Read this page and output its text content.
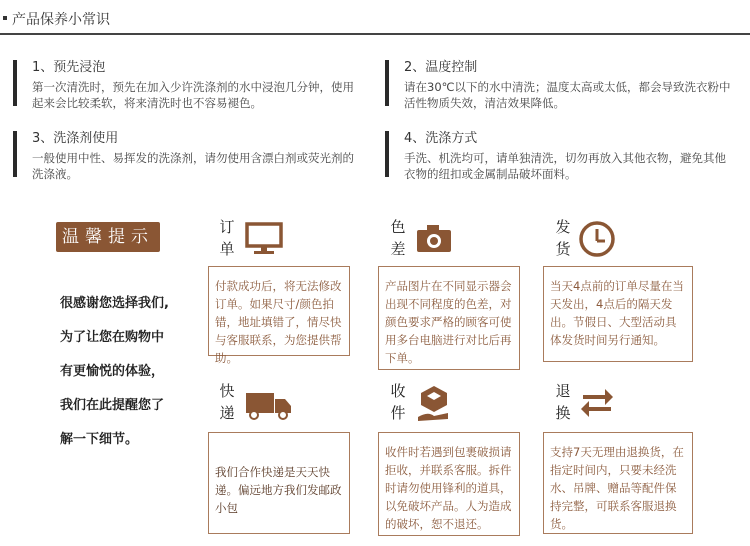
产品保养小常识
1、预先浸泡
第一次清洗时，预先在加入少许洗涤剂的水中浸泡几分钟，使用起来会比较柔软，将来清洗时也不容易褪色。
2、温度控制
请在30℃以下的水中清洗；温度太高或太低，都会导致洗衣粉中活性物质失效，清洁效果降低。
3、洗涤剂使用
一般使用中性、易挥发的洗涤剂，请勿使用含漂白剂或荧光剂的洗涤液。
4、洗涤方式
手洗、机洗均可，请单独清洗，切勿再放入其他衣物，避免其他衣物的纽扣或金属制品破坏面料。
温馨提示
很感谢您选择我们,
为了让您在购物中
有更愉悦的体验，
我们在此提醒您了
解一下细节。
订单
付款成功后，将无法修改订单。如果尺寸/颜色拍错，地址填错了，情尽快与客服联系，为您提供帮助。
色差
产品图片在不同显示器会出现不同程度的色差，对颜色要求严格的顾客可使用多台电脑进行对比后再下单。
发货
当天4点前的订单尽量在当天发出，4点后的隔天发出。节假日、大型活动具体发货时间另行通知。
快递
我们合作快递是天天快递。偏远地方我们发邮政小包
收件
收件时若遇到包裹破损请拒收，并联系客服。拆件时请勿使用锋利的道具，以免破坏产品。人为造成的破坏，恕不退还。
退换
支持7天无理由退换货，在指定时间内，只要未经洗水、吊牌、赠品等配件保持完整，可联系客服退换货。
